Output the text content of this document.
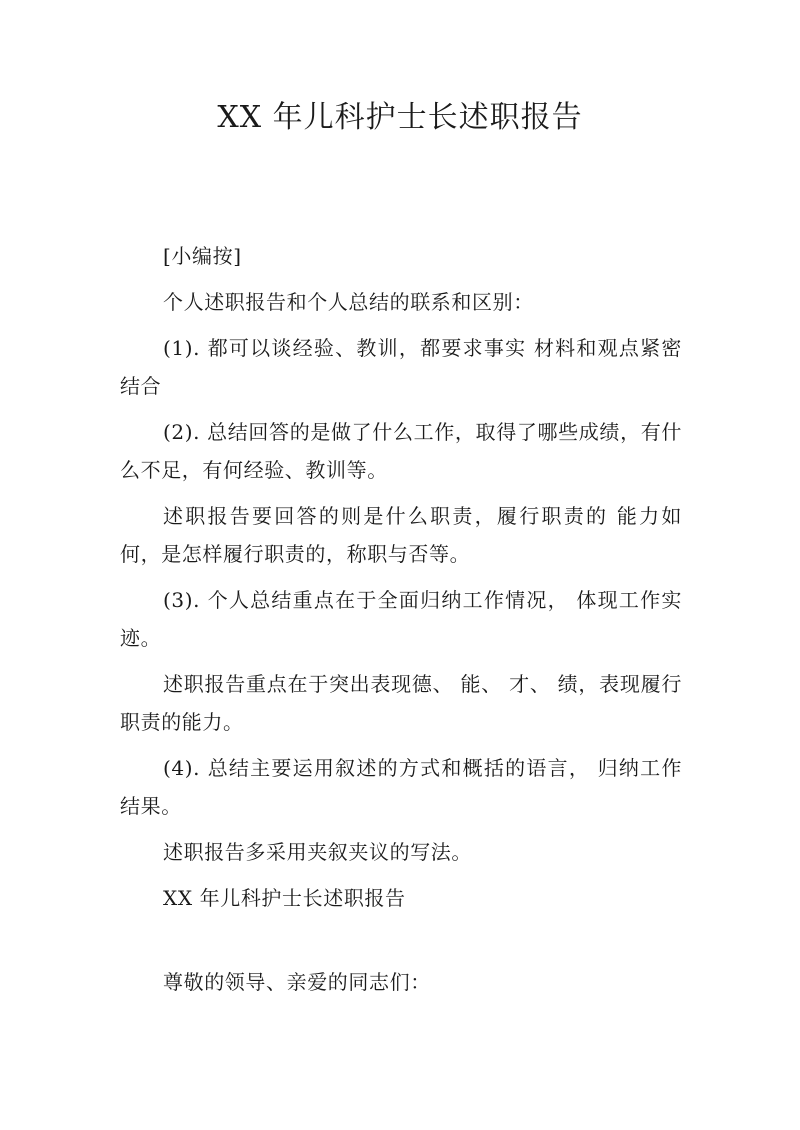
XX 年儿科护士长述职报告

[小编按]

个人述职报告和个人总结的联系和区别：

(1). 都可以谈经验、教训，都要求事实 材料和观点紧密结合

(2). 总结回答的是做了什么工作，取得了哪些成绩，有什么不足，有何经验、教训等。

述职报告要回答的则是什么职责，履行职责的 能力如何，是怎样履行职责的，称职与否等。

(3). 个人总结重点在于全面归纳工作情况， 体现工作实迹。

述职报告重点在于突出表现德、 能、 才、 绩，表现履行职责的能力。

(4). 总结主要运用叙述的方式和概括的语言， 归纳工作结果。

述职报告多采用夹叙夹议的写法。

XX 年儿科护士长述职报告

尊敬的领导、亲爱的同志们：
